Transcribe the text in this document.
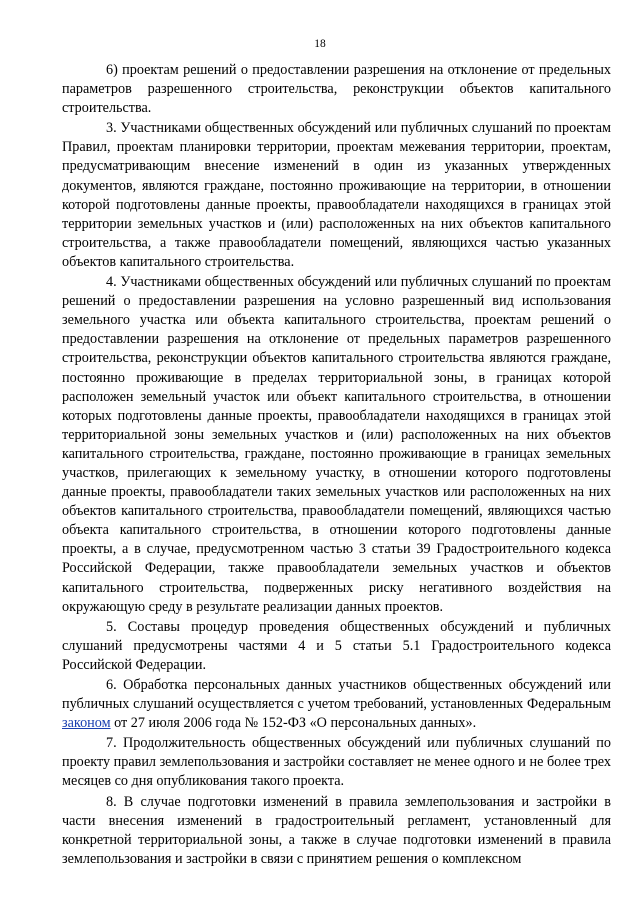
18

6) проектам решений о предоставлении разрешения на отклонение от предельных параметров разрешенного строительства, реконструкции объектов капитального строительства.

3. Участниками общественных обсуждений или публичных слушаний по проектам Правил, проектам планировки территории, проектам межевания территории, проектам, предусматривающим внесение изменений в один из указанных утвержденных документов, являются граждане, постоянно проживающие на территории, в отношении которой подготовлены данные проекты, правообладатели находящихся в границах этой территории земельных участков и (или) расположенных на них объектов капитального строительства, а также правообладатели помещений, являющихся частью указанных объектов капитального строительства.

4. Участниками общественных обсуждений или публичных слушаний по проектам решений о предоставлении разрешения на условно разрешенный вид использования земельного участка или объекта капитального строительства, проектам решений о предоставлении разрешения на отклонение от предельных параметров разрешенного строительства, реконструкции объектов капитального строительства являются граждане, постоянно проживающие в пределах территориальной зоны, в границах которой расположен земельный участок или объект капитального строительства, в отношении которых подготовлены данные проекты, правообладатели находящихся в границах этой территориальной зоны земельных участков и (или) расположенных на них объектов капитального строительства, граждане, постоянно проживающие в границах земельных участков, прилегающих к земельному участку, в отношении которого подготовлены данные проекты, правообладатели таких земельных участков или расположенных на них объектов капитального строительства, правообладатели помещений, являющихся частью объекта капитального строительства, в отношении которого подготовлены данные проекты, а в случае, предусмотренном частью 3 статьи 39 Градостроительного кодекса Российской Федерации, также правообладатели земельных участков и объектов капитального строительства, подверженных риску негативного воздействия на окружающую среду в результате реализации данных проектов.

5. Составы процедур проведения общественных обсуждений и публичных слушаний предусмотрены частями 4 и 5 статьи 5.1 Градостроительного кодекса Российской Федерации.

6. Обработка персональных данных участников общественных обсуждений или публичных слушаний осуществляется с учетом требований, установленных Федеральным законом от 27 июля 2006 года № 152-ФЗ «О персональных данных».

7. Продолжительность общественных обсуждений или публичных слушаний по проекту правил землепользования и застройки составляет не менее одного и не более трех месяцев со дня опубликования такого проекта.

8. В случае подготовки изменений в правила землепользования и застройки в части внесения изменений в градостроительный регламент, установленный для конкретной территориальной зоны, а также в случае подготовки изменений в правила землепользования и застройки в связи с принятием решения о комплексном
